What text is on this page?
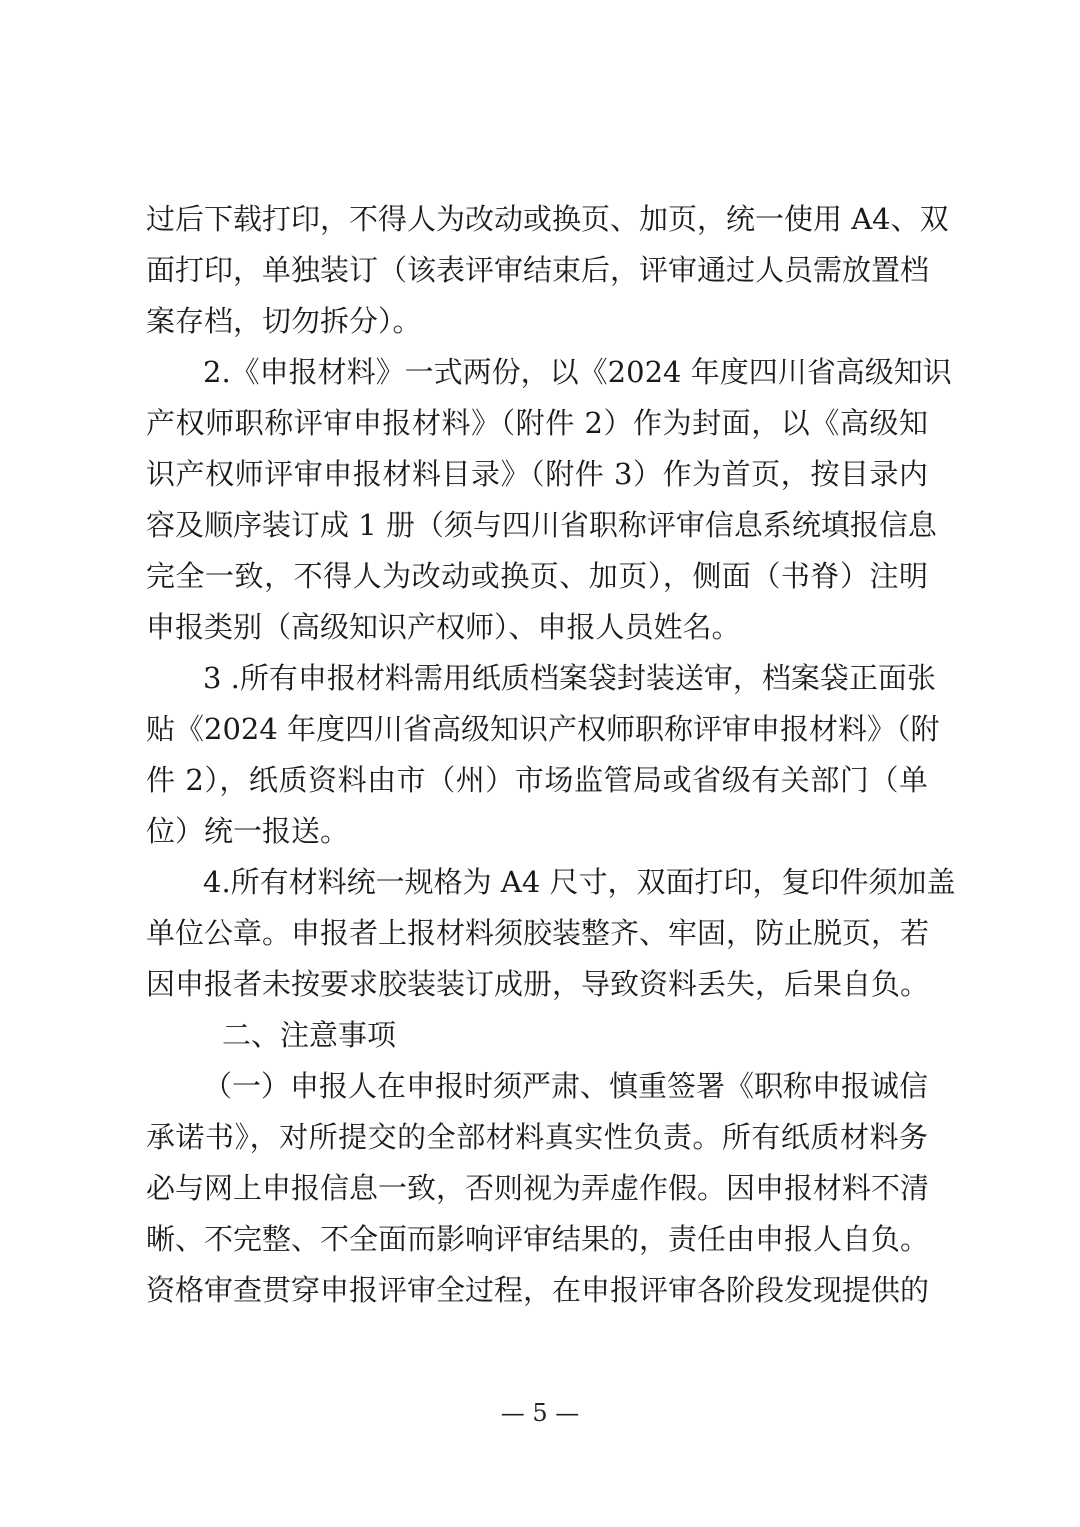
过后下载打印，不得人为改动或换页、加页，统一使用 A4、双
面打印，单独装订（该表评审结束后，评审通过人员需放置档
案存档，切勿拆分）。
2.《申报材料》一式两份，以《2024 年度四川省高级知识
产权师职称评审申报材料》（附件 2）作为封面，以《高级知
识产权师评审申报材料目录》（附件 3）作为首页，按目录内
容及顺序装订成 1 册（须与四川省职称评审信息系统填报信息
完全一致，不得人为改动或换页、加页），侧面（书脊）注明
申报类别（高级知识产权师）、申报人员姓名。
3 .所有申报材料需用纸质档案袋封装送审，档案袋正面张
贴《2024 年度四川省高级知识产权师职称评审申报材料》（附
件 2），纸质资料由市（州）市场监管局或省级有关部门（单
位）统一报送。
4.所有材料统一规格为 A4 尺寸，双面打印，复印件须加盖
单位公章。申报者上报材料须胶装整齐、牢固，防止脱页，若
因申报者未按要求胶装装订成册，导致资料丢失，后果自负。
二、注意事项
（一）申报人在申报时须严肃、慎重签署《职称申报诚信
承诺书》，对所提交的全部材料真实性负责。所有纸质材料务
必与网上申报信息一致，否则视为弄虚作假。因申报材料不清
晰、不完整、不全面而影响评审结果的，责任由申报人自负。
资格审查贯穿申报评审全过程，在申报评审各阶段发现提供的
— 5 —
